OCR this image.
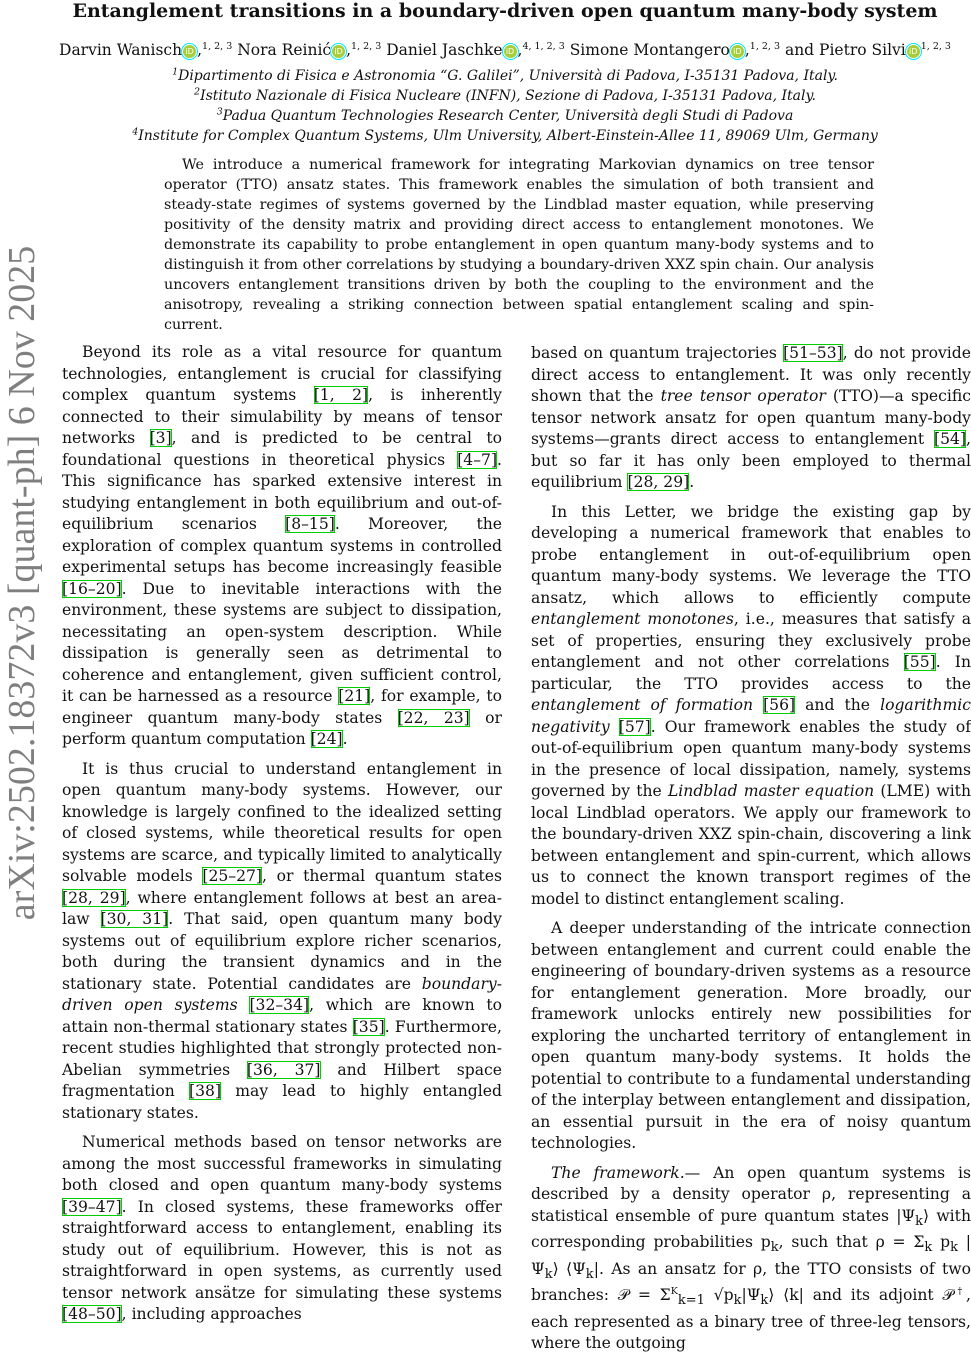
Entanglement transitions in a boundary-driven open quantum many-body system
Darvin Wanisch iD ,$^{1, 2, 3}$ Nora Reinić iD ,$^{1, 2, 3}$ Daniel Jaschke iD ,$^{4, 1, 2, 3}$ Simone Montangero iD ,$^{1, 2, 3}$ and Pietro Silvi iD $^{1, 2, 3}$
$^1$Dipartimento di Fisica e Astronomia “G. Galilei”, Università di Padova, I-35131 Padova, Italy.
$^2$Istituto Nazionale di Fisica Nucleare (INFN), Sezione di Padova, I-35131 Padova, Italy.
$^3$Padua Quantum Technologies Research Center, Università degli Studi di Padova
$^4$Institute for Complex Quantum Systems, Ulm University, Albert-Einstein-Allee 11, 89069 Ulm, Germany
We introduce a numerical framework for integrating Markovian dynamics on tree tensor operator (TTO) ansatz states. This framework enables the simulation of both transient and steady-state regimes of systems governed by the Lindblad master equation, while preserving positivity of the density matrix and providing direct access to entanglement monotones. We demonstrate its capability to probe entanglement in open quantum many-body systems and to distinguish it from other correlations by studying a boundary-driven XXZ spin chain. Our analysis uncovers entanglement transitions driven by both the coupling to the environment and the anisotropy, revealing a striking connection between spatial entanglement scaling and spin-current.
arXiv:2502.18372v3 [quant-ph] 6 Nov 2025	Beyond its role as a vital resource for quantum technologies, entanglement is crucial for classifying complex quantum systems [1, 2], is inherently connected to their simulability by means of tensor networks [3], and is predicted to be central to foundational questions in theoretical physics [4–7]. This significance has sparked extensive interest in studying entanglement in both equilibrium and out-of-equilibrium scenarios [8–15]. Moreover, the exploration of complex quantum systems in controlled experimental setups has become increasingly feasible [16–20]. Due to inevitable interactions with the environment, these systems are subject to dissipation, necessitating an open-system description. While dissipation is generally seen as detrimental to coherence and entanglement, given sufficient control, it can be harnessed as a resource [21], for example, to engineer quantum many-body states [22, 23] or perform quantum computation [24].

It is thus crucial to understand entanglement in open quantum many-body systems. However, our knowledge is largely confined to the idealized setting of closed systems, while theoretical results for open systems are scarce, and typically limited to analytically solvable models [25–27], or thermal quantum states [28, 29], where entanglement follows at best an area-law [30, 31]. That said, open quantum many body systems out of equilibrium explore richer scenarios, both during the transient dynamics and in the stationary state. Potential candidates are boundary-driven open systems [32–34], which are known to attain non-thermal stationary states [35]. Furthermore, recent studies highlighted that strongly protected non-Abelian symmetries [36, 37] and Hilbert space fragmentation [38] may lead to highly entangled stationary states.

Numerical methods based on tensor networks are among the most successful frameworks in simulating both closed and open quantum many-body systems [39–47]. In closed systems, these frameworks offer straightforward access to entanglement, enabling its study out of equilibrium. However, this is not as straightforward in open systems, as currently used tensor network ansätze for simulating these systems [48–50], including approaches

based on quantum trajectories [51–53], do not provide direct access to entanglement. It was only recently shown that the tree tensor operator (TTO)—a specific tensor network ansatz for open quantum many-body systems—grants direct access to entanglement [54], but so far it has only been employed to thermal equilibrium [28, 29].

In this Letter, we bridge the existing gap by developing a numerical framework that enables to probe entanglement in out-of-equilibrium open quantum many-body systems. We leverage the TTO ansatz, which allows to efficiently compute entanglement monotones, i.e., measures that satisfy a set of properties, ensuring they exclusively probe entanglement and not other correlations [55]. In particular, the TTO provides access to the entanglement of formation [56] and the logarithmic negativity [57]. Our framework enables the study of out-of-equilibrium open quantum many-body systems in the presence of local dissipation, namely, systems governed by the Lindblad master equation (LME) with local Lindblad operators. We apply our framework to the boundary-driven XXZ spin-chain, discovering a link between entanglement and spin-current, which allows us to connect the known transport regimes of the model to distinct entanglement scaling.

A deeper understanding of the intricate connection between entanglement and current could enable the engineering of boundary-driven systems as a resource for entanglement generation. More broadly, our framework unlocks entirely new possibilities for exploring the uncharted territory of entanglement in open quantum many-body systems. It holds the potential to contribute to a fundamental understanding of the interplay between entanglement and dissipation, an essential pursuit in the era of noisy quantum technologies.

The framework.— An open quantum systems is described by a density operator ρ, representing a statistical ensemble of pure quantum states $|\Psi_k⟩$ with corresponding probabilities $p_k$, such that $\rho = \Sigma_k$ $p_k$ $|\Psi_k⟩$ $⟨\Psi_k|$. As an ansatz for ρ, the TTO consists of two branches: 𝒫 = $\Sigma^K_{k=1}$ $√p_k|\Psi_k⟩$ ⟨k| and its adjoint 𝒫†, each represented as a binary tree of three-leg tensors, where the outgoing
